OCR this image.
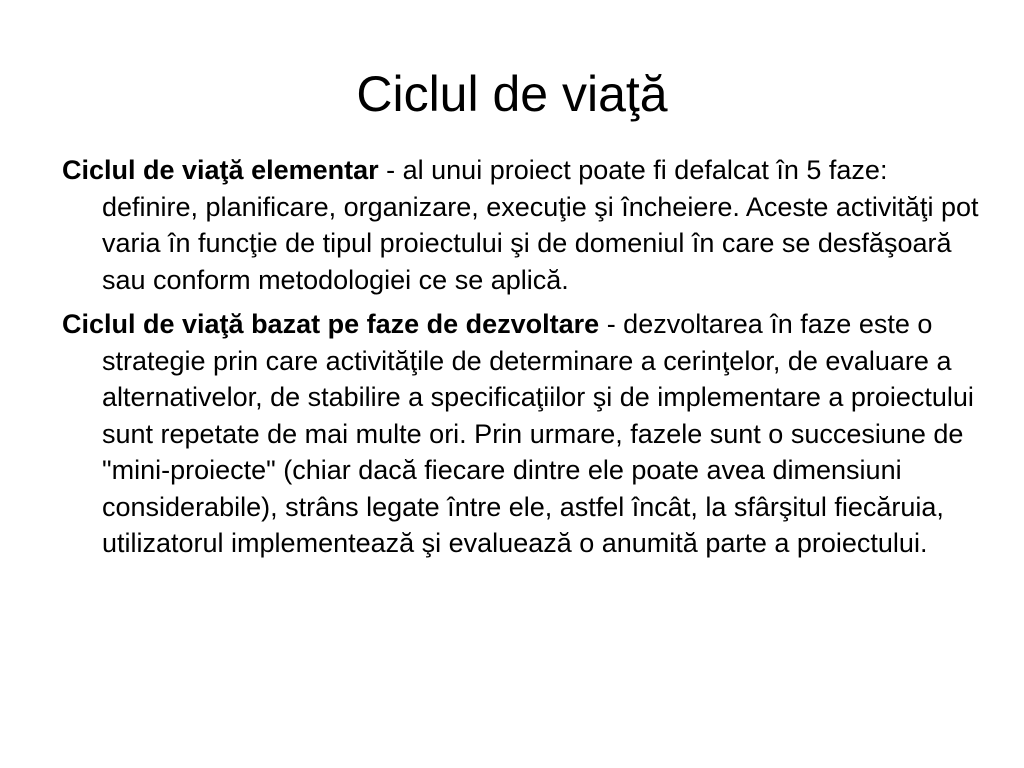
Ciclul de viaţă

Ciclul de viaţă elementar - al unui proiect poate fi defalcat în 5 faze: definire, planificare, organizare, execuţie şi încheiere. Aceste activităţi pot varia în funcţie de tipul proiectului şi de domeniul în care se desfăşoară sau conform metodologiei ce se aplică.

Ciclul de viaţă bazat pe faze de dezvoltare - dezvoltarea în faze este o strategie prin care activităţile de determinare a cerinţelor, de evaluare a alternativelor, de stabilire a specificaţiilor şi de implementare a proiectului sunt repetate de mai multe ori. Prin urmare, fazele sunt o succesiune de "mini-proiecte" (chiar dacă fiecare dintre ele poate avea dimensiuni considerabile), strâns legate între ele, astfel încât, la sfârşitul fiecăruia, utilizatorul implementează şi evaluează o anumită parte a proiectului.
